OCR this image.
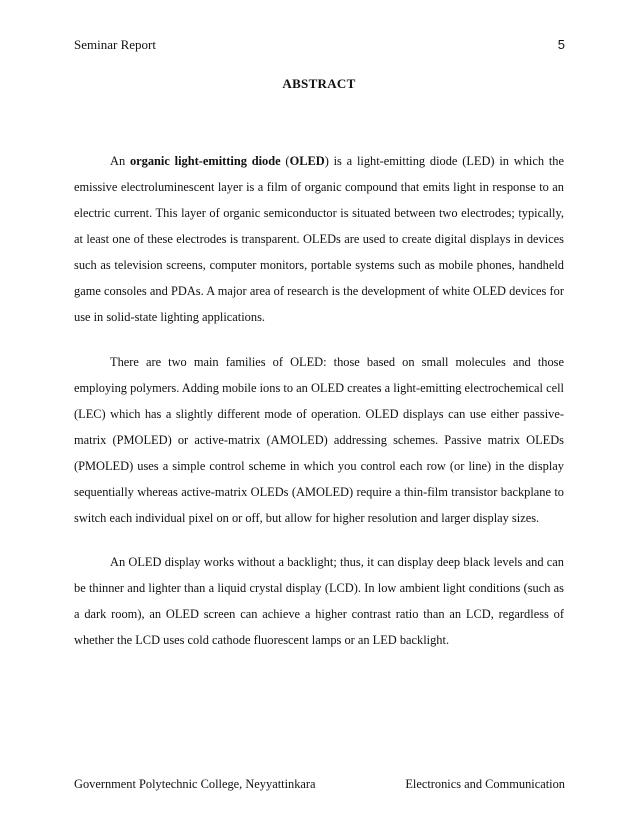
Seminar Report	5
ABSTRACT

An organic light-emitting diode (OLED) is a light-emitting diode (LED) in which the emissive electroluminescent layer is a film of organic compound that emits light in response to an electric current. This layer of organic semiconductor is situated between two electrodes; typically, at least one of these electrodes is transparent. OLEDs are used to create digital displays in devices such as television screens, computer monitors, portable systems such as mobile phones, handheld game consoles and PDAs. A major area of research is the development of white OLED devices for use in solid-state lighting applications.

There are two main families of OLED: those based on small molecules and those employing polymers. Adding mobile ions to an OLED creates a light-emitting electrochemical cell (LEC) which has a slightly different mode of operation. OLED displays can use either passive-matrix (PMOLED) or active-matrix (AMOLED) addressing schemes. Passive matrix OLEDs (PMOLED) uses a simple control scheme in which you control each row (or line) in the display sequentially whereas active-matrix OLEDs (AMOLED) require a thin-film transistor backplane to switch each individual pixel on or off, but allow for higher resolution and larger display sizes.

An OLED display works without a backlight; thus, it can display deep black levels and can be thinner and lighter than a liquid crystal display (LCD). In low ambient light conditions (such as a dark room), an OLED screen can achieve a higher contrast ratio than an LCD, regardless of whether the LCD uses cold cathode fluorescent lamps or an LED backlight.

Government Polytechnic College, Neyyattinkara	Electronics and Communication
